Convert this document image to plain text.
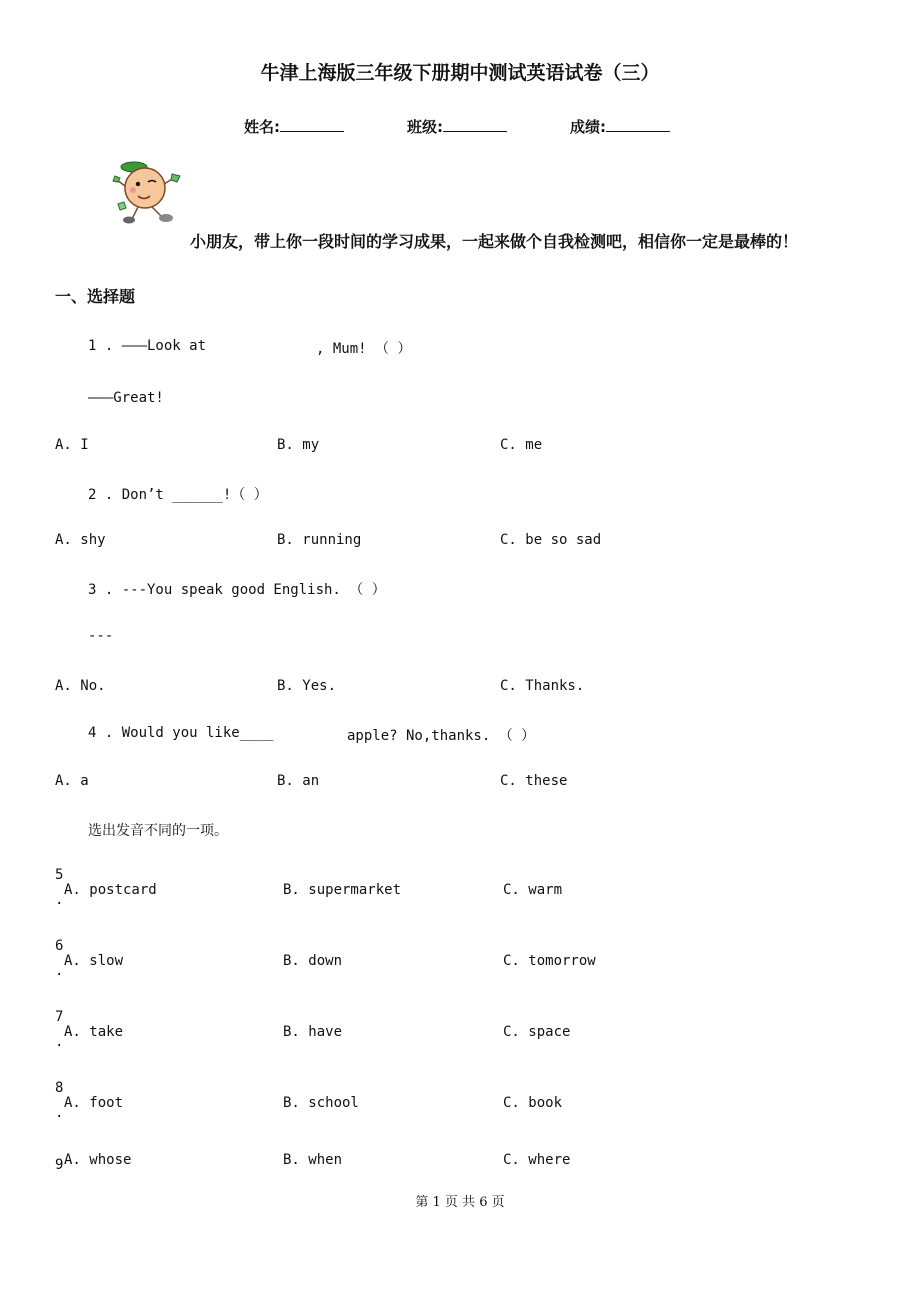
牛津上海版三年级下册期中测试英语试卷（三）
姓名:	班级:	成绩:
小朋友，带上你一段时间的学习成果，一起来做个自我检测吧，相信你一定是最棒的！
一、选择题
1 . ———Look at	, Mum! （ ）
———Great!
A. I	B. my	C. me
2 . Don’t ______!（ ）
A. shy	B. running	C. be so sad
3 . ---You speak good English. （ ）
---
A. No.	B. Yes.	C. Thanks.
4 . Would you like____	apple? No,thanks. （ ）
A. a	B. an	C. these
选出发音不同的一项。
5
.
A. postcard	B. supermarket	C. warm
6
.
A. slow	B. down	C. tomorrow
7
.
A. take	B. have	C. space
8
.
A. foot	B. school	C. book
9 A. whose	B. when	C. where
第 1 页 共 6 页
